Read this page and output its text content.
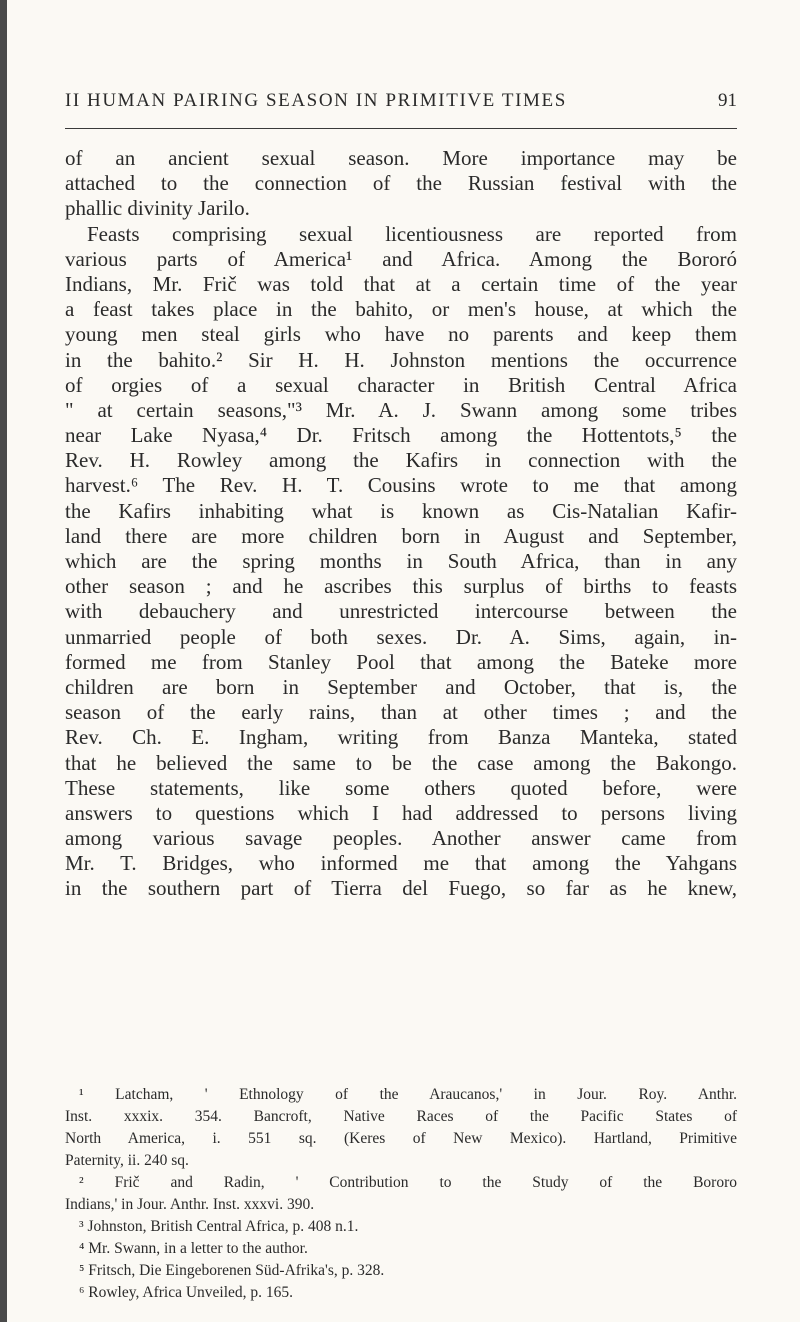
II HUMAN PAIRING SEASON IN PRIMITIVE TIMES	91
of an ancient sexual season. More importance may be
attached to the connection of the Russian festival with the
phallic divinity Jarilo.
Feasts comprising sexual licentiousness are reported from
various parts of America¹ and Africa. Among the Bororó
Indians, Mr. Frič was told that at a certain time of the year
a feast takes place in the bahito, or men's house, at which the
young men steal girls who have no parents and keep them
in the bahito.² Sir H. H. Johnston mentions the occurrence
of orgies of a sexual character in British Central Africa
" at certain seasons,"³ Mr. A. J. Swann among some tribes
near Lake Nyasa,⁴ Dr. Fritsch among the Hottentots,⁵ the
Rev. H. Rowley among the Kafirs in connection with the
harvest.⁶ The Rev. H. T. Cousins wrote to me that among
the Kafirs inhabiting what is known as Cis-Natalian Kafir-
land there are more children born in August and September,
which are the spring months in South Africa, than in any
other season ; and he ascribes this surplus of births to feasts
with debauchery and unrestricted intercourse between the
unmarried people of both sexes. Dr. A. Sims, again, in-
formed me from Stanley Pool that among the Bateke more
children are born in September and October, that is, the
season of the early rains, than at other times ; and the
Rev. Ch. E. Ingham, writing from Banza Manteka, stated
that he believed the same to be the case among the Bakongo.
These statements, like some others quoted before, were
answers to questions which I had addressed to persons living
among various savage peoples. Another answer came from
Mr. T. Bridges, who informed me that among the Yahgans
in the southern part of Tierra del Fuego, so far as he knew,
¹ Latcham, ' Ethnology of the Araucanos,' in Jour. Roy. Anthr.
Inst. xxxix. 354. Bancroft, Native Races of the Pacific States of
North America, i. 551 sq. (Keres of New Mexico). Hartland, Primitive
Paternity, ii. 240 sq.
² Frič and Radin, ' Contribution to the Study of the Bororo
Indians,' in Jour. Anthr. Inst. xxxvi. 390.
³ Johnston, British Central Africa, p. 408 n.1.
⁴ Mr. Swann, in a letter to the author.
⁵ Fritsch, Die Eingeborenen Süd-Afrika's, p. 328.
⁶ Rowley, Africa Unveiled, p. 165.
